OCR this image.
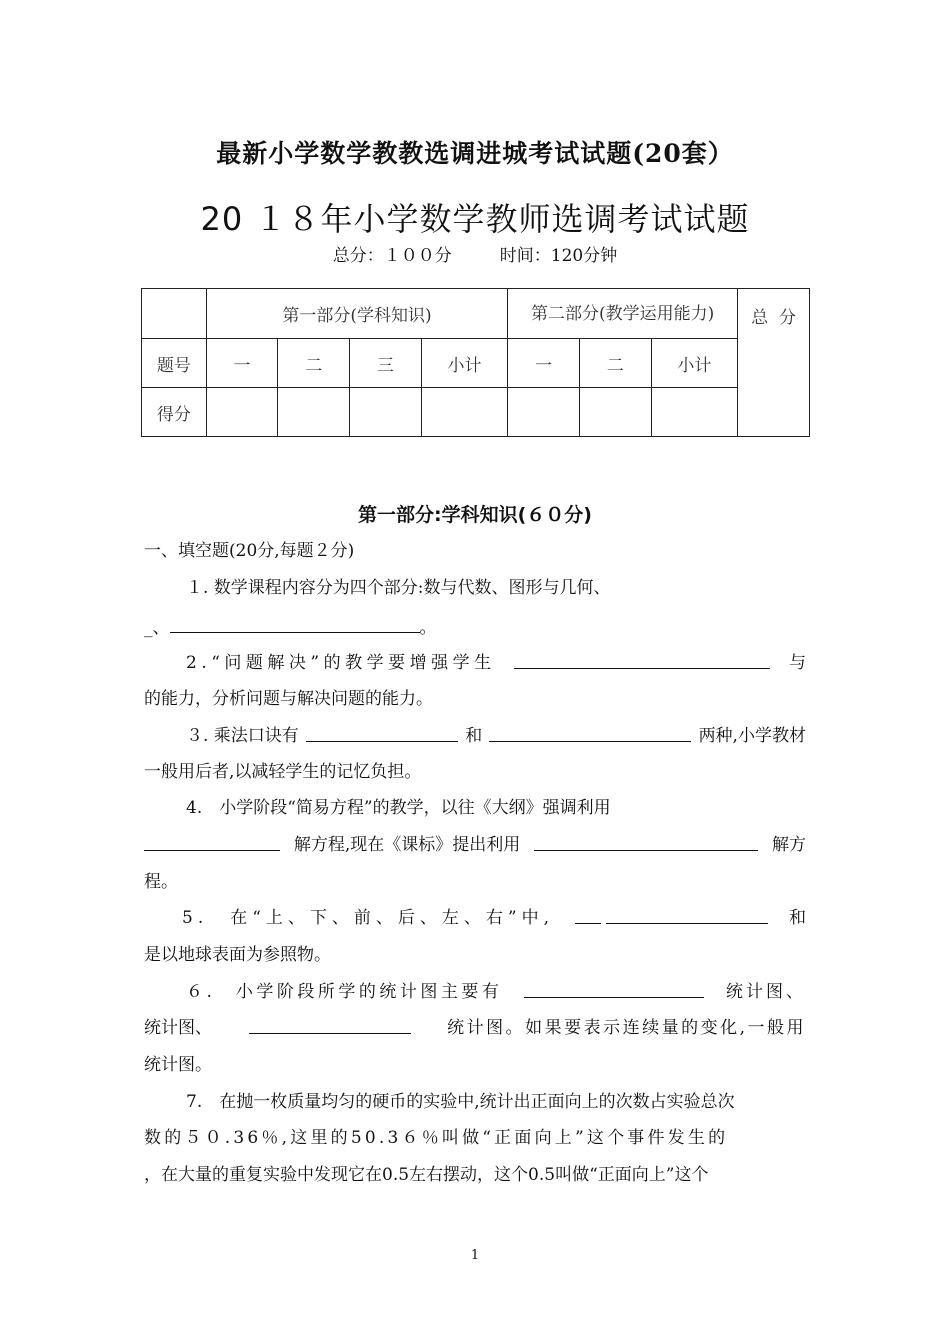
最新小学数学教教选调进城考试试题(20套）
20 １８年小学数学教师选调考试试题
总分：１００分	时间：120分钟
	第一部分(学科知识)				第二部分(教学运用能力)			总  分
题号	一	二	三	小计	一	二	小计	
得分								
第一部分:学科知识(６０分)
一、填空题(20分,每题２分)
１. 数学课程内容分为四个部分:数与代数、图形与几何、
_、	。
2.“问题解决”的教学要增强学生	与
的能力，分析问题与解决问题的能力。
３. 乘法口诀有	和	两种,小学教材
一般用后者,以减轻学生的记忆负担。
4.　小学阶段“简易方程”的教学，以往《大纲》强调利用
解方程,现在《课标》提出利用	解方
程。
5.　在“上、下、前、后、左、右”中,
	和
是以地球表面为参照物。
６.　小学阶段所学的统计图主要有	统计图、
统计图、	统计图。如果要表示连续量的变化,一般用
统计图。
7.　在抛一枚质量均匀的硬币的实验中,统计出正面向上的次数占实验总次
数的５０.36％,这里的50.3６％叫做“正面向上”这个事件发生的
，在大量的重复实验中发现它在0.5左右摆动，这个0.5叫做“正面向上”这个
1
